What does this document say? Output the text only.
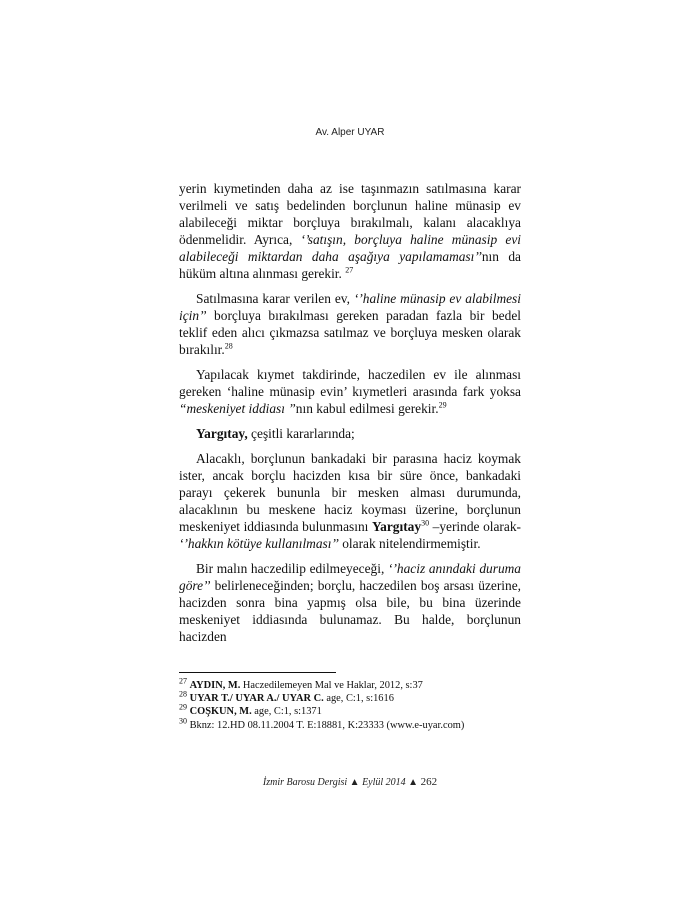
Av. Alper UYAR

yerin kıymetinden daha az ise taşınmazın satılmasına karar verilmeli ve satış bedelinden borçlunun haline münasip ev alabileceği miktar borçluya bırakılmalı, kalanı alacaklıya ödenmelidir. Ayrıca, ‘’satışın, borçluya haline münasip evi alabileceği miktardan daha aşağıya yapılamaması’’nın da hüküm altına alınması gerekir. $^{27}$

Satılmasına karar verilen ev, ‘’haline münasip ev alabilmesi için’’ borçluya bırakılması gereken paradan fazla bir bedel teklif eden alıcı çıkmazsa satılmaz ve borçluya mesken olarak bırakılır.$^{28}$

Yapılacak kıymet takdirinde, haczedilen ev ile alınması gereken ‘haline münasip evin’ kıymetleri arasında fark yoksa “meskeniyet iddiası ”nın kabul edilmesi gerekir.$^{29}$

Yargıtay, çeşitli kararlarında;

Alacaklı, borçlunun bankadaki bir parasına haciz koymak ister, ancak borçlu hacizden kısa bir süre önce, bankadaki parayı çekerek bununla bir mesken alması durumunda, alacaklının bu meskene haciz koyması üzerine, borçlunun meskeniyet iddiasında bulunmasını Yargıtay$^{30}$ –yerinde olarak- ‘’hakkın kötüye kullanılması’’ olarak nitelendirmemiştir.

Bir malın haczedilip edilmeyeceği, ‘’haciz anındaki duruma göre’’ belirleneceğinden; borçlu, haczedilen boş arsası üzerine, hacizden sonra bina yapmış olsa bile, bu bina üzerinde meskeniyet iddiasında bulunamaz. Bu halde, borçlunun hacizden

$^{27}$ AYDIN, M. Haczedilemeyen Mal ve Haklar, 2012, s:37
$^{28}$ UYAR T./ UYAR A./ UYAR C. age, C:1, s:1616
$^{29}$ COŞKUN, M. age, C:1, s:1371
$^{30}$ Bknz: 12.HD 08.11.2004 T. E:18881, K:23333 (www.e-uyar.com)
İzmir Barosu Dergisi ▲ Eylül 2014 ▲ 262
